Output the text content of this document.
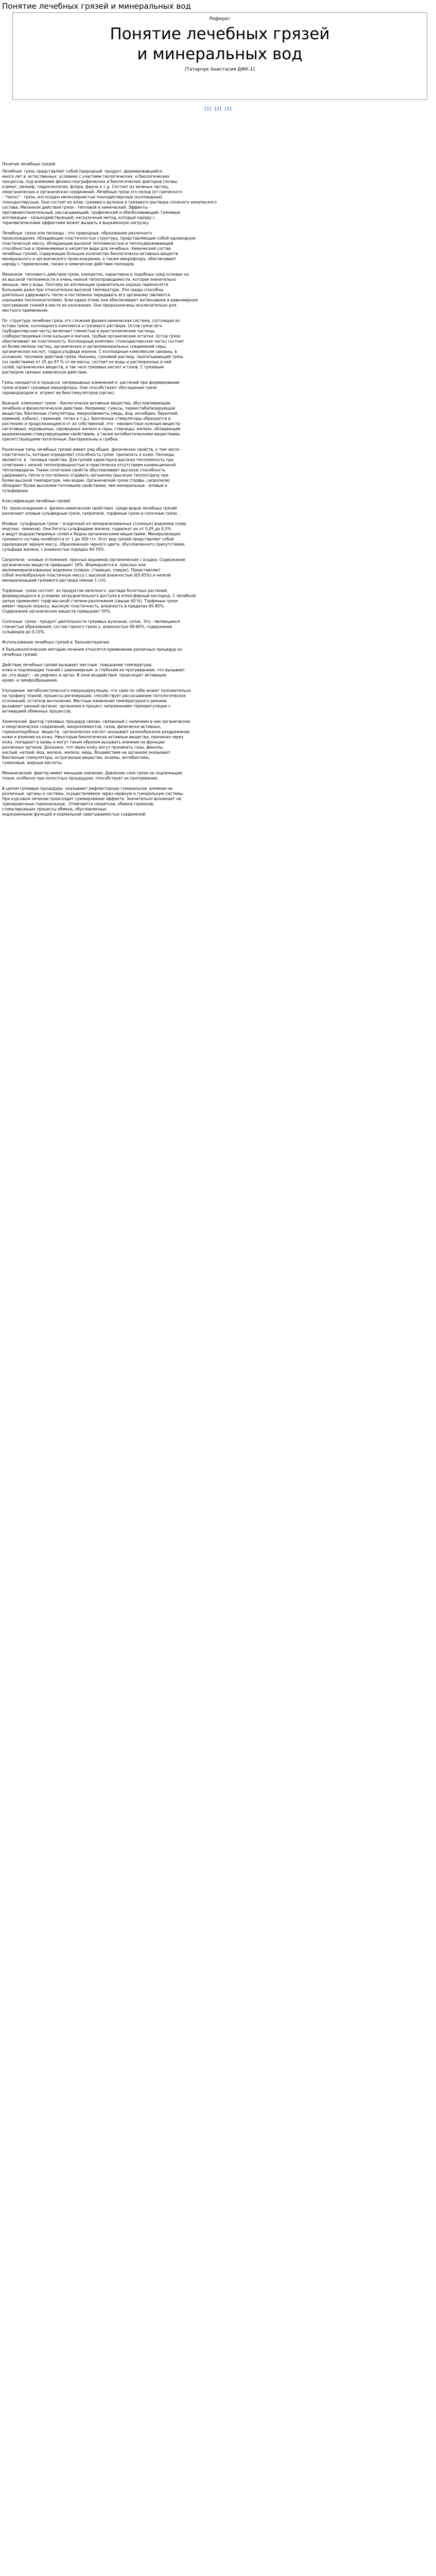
Понятие лечебных грязей и минеральных вод
Реферат
Понятие лечебных грязей
и минеральных вод
[Татарчук Анастасия ДФК-1]
[1] [2] [3]

Понятие лечебных грязей

Лечебная  грязь представляет собой природный  продукт, формировавшийся
иного лет в  естественных  условиях с участием геологических  и биологических
процессов, под влиянием физико-географических и биологических факторов (почвы,
климат, рельеф, гидрогеология, флора, фауна и т.д. Состоит из зеленых частиц,
неорганических и органических соединений. Лечебные грязи это пелод (от греческого
- "пелос" - грязь, ил)-осадки мелкозернистые тонкодисперсные (коллоидные)
тонкоднсперсные. Они состоят из илов, грязевого вулкана и грязевого раствора сложного химического
состава. Механизм действия грязи - тепловой и химический. Эффекты -
противовоспалительный, рассасывающий, трофический и обезболивающий. Грязевые
аппликации - сильнодействующий, нагрузочный метод, который наряду с
терапевтическими эффектами может вызвать и выраженную нагрузку.

Лечебные  грязи или пелоиды - это природные  образования различного
происхождения, обладающие пластичностью структуру, представляющие собой однородную
пластическую массу, обладающие высокой теплоемкостью и теплоудерживающей
способностью и применяемые в нагретом виде для лечебных. Химический состав
лечебных грязей, содержащие большое количество биологически активных веществ
минерального и органического происхождения, а также микрофлору, обеспечивает
наряду с термическим, также и химическое действие пелоидов.

Механизм  теплового действия грязи, конкретно, характерна и подобных сред основан на
их высокой теплоемкости и очень низкой теплопроводимости, которая значительно
меньше, чем у воды. Поэтому их аппликации сравнительно хорошо переносятся
больными даже при относительно высокой температуре. Эти среды способны
длительно удерживать тепло и постепенно передавать его организму (являются
хорошими теплоносителями). Благодаря этому они обеспечивают интенсивное и равномерное
прогревание тканей в месте их наложения. Они предназначены исключительно для
местного применения.

По  структуре лечебная грязь это сложная физико-химическая система, состоящая из
остова грязи, коллоидного комплекса и грязевого раствора. Остов грязи (его
грубодисперсная часть) включает глинистые и кристаллические частицы,
слаборастворимые соли кальция и магния, грубые органические остатки. Остов грязи
обеспечивает ее пластичность. Коллоидный комплекс (тонкодисперсная часть) состоит
из более мелких частиц, органических и органоминеральных соединений серы,
органических кислот, гидросульфида железа. С коллоидным комплексом связаны, в
основном, тепловое действие грязи. Наконец, грязевой раствор, пропитывающий грязь
(со свойствами) от 25 до 97 % от ее массы, состоит из воды и растворенных в ней
солей, органических веществ, а так часе грязевых кислот и газов. С грязевым
раствором связано химическое действие.

Грязь находится в процессе  непрерывных изменений и  растений при формировании
грязи играют грязевые микрофлоры. Они способствуют обогащению грязи
сероводородом и  играют ее биостимуляторов (орган).

Важный  компонент грязи – биологически активные вещества, обусловливающие
лечебное и физиологическое действие. Например: гумусы, термостабилизирующие
вещества, биогенные стимуляторы, микроэлементы (медь, йод, молибден, бериллий,
кремний, кобальт, германий, титан и т.д.). Биогенные стимуляторы образуются в
растениях и продолжающееся от их собственной, это - неизвестные нужным веществ -
негативных, муравьиных, сероводных железо и серы, стероиды, железо, обладающие
выраженными стимулирующими свойствами, а также антибиотическими веществами,
препятствующими патогенным, бактериальны и грибки.

Различные типы лечебных грязей имеют ряд общих  физических свойств, к тем число -
пластичность, которая определяет способность грязи  прилипать к коже. Пелоиды
являются  в   типовые свойства. Для грязей характерна высокая теплоемкость при
сочетании с низкой теплопроводностью и практически отсутствием конвекционной
теплопередачи. Таким сочетание свойств обусловливает высокую способность
удерживать тепло и постепенно отдавать организму (высокую теплоотдачу при
более высокой температуре, чем водам. Органический грязи (торфы, сапропели)
обладают более высокими тепловыми свойствами, чем минеральные - иловые и
сульфидные.

Классификация лечебных грязей

По  происхождению и  физико-химическим свойствам  среди видов лечебных грязей
различают иловые сульфидные грязи, сапропели, торфяные грязи и сопочные грязи.

Иловые  сульфидные грязи – осадочный ил минерализованных (соленых) водоемов (озер,
морских  лиманов). Они богаты сульфидами железа, содержат их от 0,05 до 0,5%
и ведут водорастворимых солей и бедны органическими веществами. Минерализация
грязевого состава колеблется от 1 до 350 г/л. Этот вид грязей представляет собой
однородную черную массу, образованную черного цвета, обусловленного присутствием
сульфида железа, с влажностью порядка 40-70%.

Сапропели - иловые отложения  пресных водоемов (органические ) осадки. Содержание
органических веществ превышает 10%. Формируются в  пресных или
маломинерализованных водоемах (озерах, старицах, озерах). Представляют
собой желеобразную пластичную массу с высокой влажностью (65-95%) и низкой
минерализацией грязевого раствора (менее 1 г/л).

Торфяные  грязи состоят  из продуктов неполного  распада болотных растений,
формирующихся в условиях затруднительного доступа в атмосферный кислород. С лечебной
целью применяют торф высокой степени разложения (свыше 40 %). Торфяные грязи
имеют черную окраску, высокую пластичность, влажность в пределах 65-85%.
Содержание органических веществ превышает 50%.

Сопочные  грязи - продукт деятельности грязевых вулканов, сопок. Это - являющиеся
глинистые образования, состав горного грязи у, влажностью 49-60%, содержание
сульфидов до 0,15%.

Использование лечебных грязей в  бальнеотерапии.

К бальнеологическим методам лечения относятся применение различных процедур из
лечебных грязей.

Действие лечебных грязей вызывает местные  повышение температуры
кожи и подлежащих тканей с равномерным  и глубоким их прогреванием, что вызывает
их ,что ведет, - ее рефлекс в орган. В зоне воздействия  происходит активация
крово- и лимфообращения.

Улучшение  метаболистического микроциркуляции, что само по себе может положительно
на трофику тканей, процессы регенерации, способствует рассасыванию патологических
отложений, остатков воспаления. Местные изменения температурного режима
вызывают ценный органах  организма в процесс напряжением терморегуляции с
активацией обменных процессов.

Химический  фактор грязевых процедур связан, связанный с наличием в них органических
и неорганических соединений, микроэлементов, газов, физически активных,
гормоноподобных  веществ,  органических кислот оказывает разнообразное раздражение
кожи и влияние на кожу. Некоторые биологически активные вещества, проникая через
кожу, попадают в кровь и могут таким образом вызывать влияние на функции
различных органов. Доказано, что через кожу могут проникать газы, фенолы,
кислый, натрий, йод, железо, железо, медь. Воздействие на организм оказывают
биогенные стимуляторы, эстрогенные вещества, энзимы, антибиотики,
гуминовые, жирные кислоты.

Механический  фактор имеет меньшее значение. Давление слоя грязи на подлежащие
ткани, особенно при полостных процедурах, способствует их прогреванию.

В целом грязевые процедуры  оказывают рефлекторную гуморальное  влияние на
различные  органы и системы, осуществляемое через нервную и гуморальную системы.
При курсовом лечении происходит суммирование эффекта. Значительно возникает на
тренировочные-гормональные.  Отмечается секретная, обмена гормонов,
стимулирующих процессы обмена, обусловленных
эндокринными функций и нормальной свертываемостью соединений.
